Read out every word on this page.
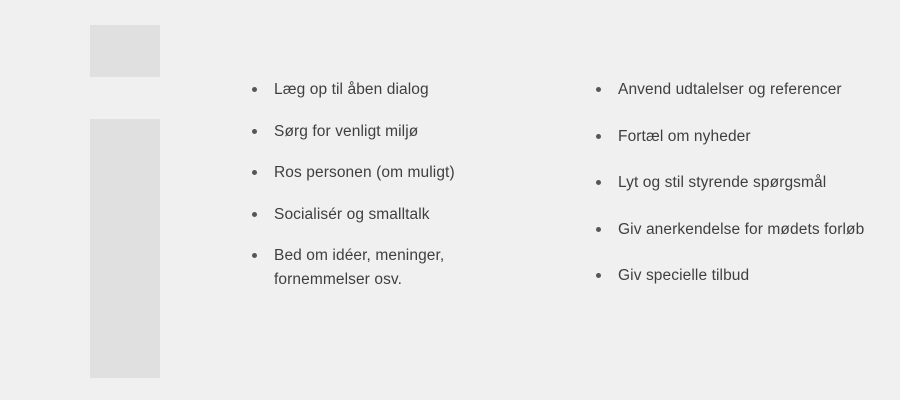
Læg op til åben dialog
Sørg for venligt miljø
Ros personen (om muligt)
Socialisér og smalltalk
Bed om idéer, meninger,
fornemmelser osv.
Anvend udtalelser og referencer
Fortæl om nyheder
Lyt og stil styrende spørgsmål
Giv anerkendelse for mødets forløb
Giv specielle tilbud
